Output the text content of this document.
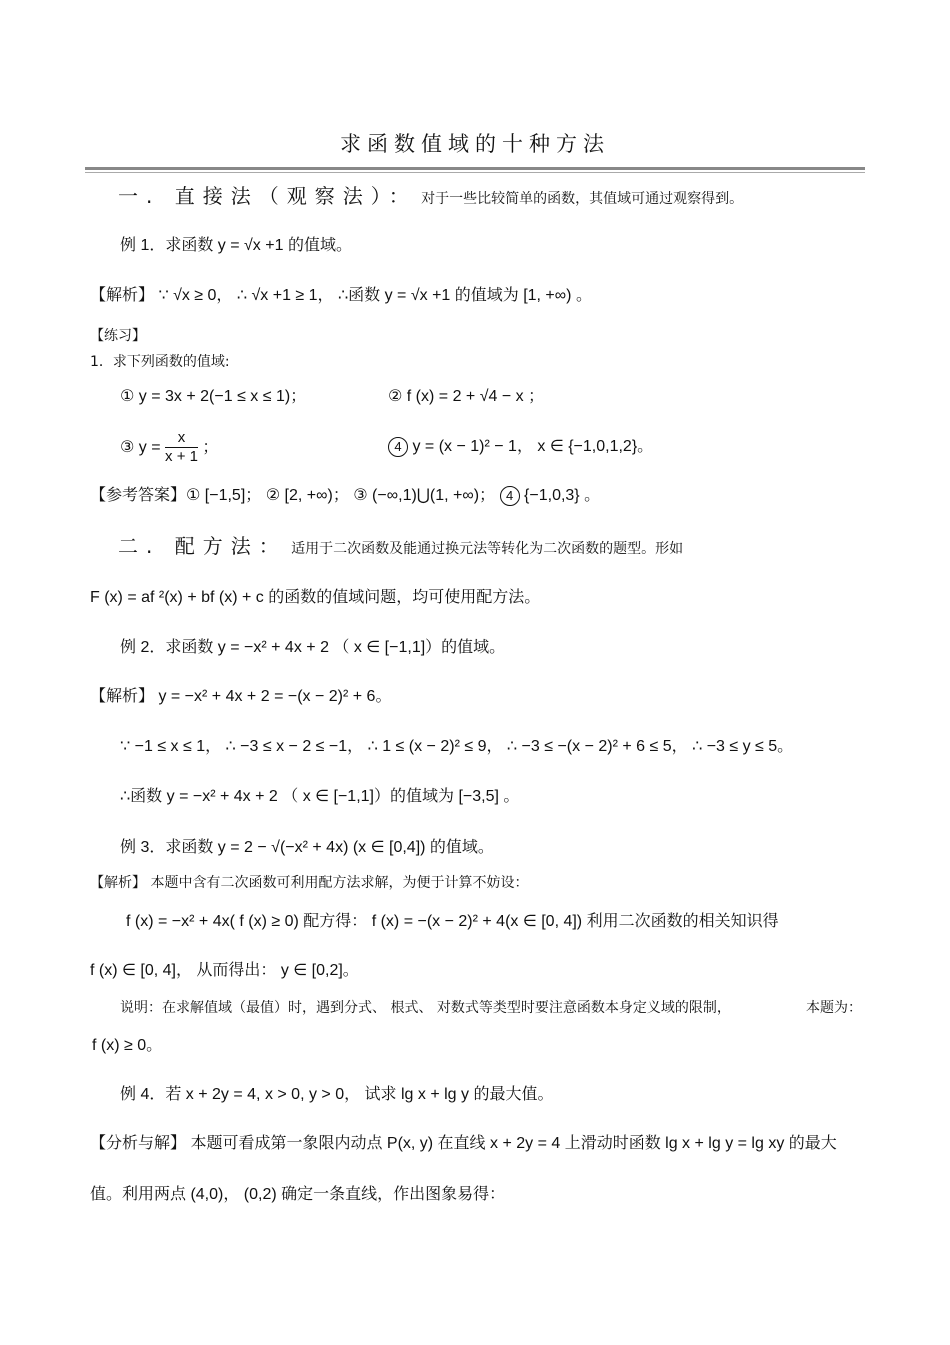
求函数值域的十种方法
一. 直接法（观察法）： 对于一些比较简单的函数，其值域可通过观察得到。
例 1．求函数 y = √x +1 的值域。
【解析】 ∵ √x ≥ 0， ∴ √x +1 ≥ 1， ∴函数 y = √x +1 的值域为 [1, +∞) 。
【练习】
1．求下列函数的值域:
① y = 3x + 2(−1 ≤ x ≤ 1)；	② f (x) = 2 + √4 − x ；
③ $y = \frac{x}{x + 1}$ ；	4 y = (x − 1)² − 1， x ∈ {−1,0,1,2}。
【参考答案】① [−1,5]； ② [2, +∞)； ③ (−∞,1)⋃(1, +∞)； 4 {−1,0,3} 。
二. 配方法： 适用于二次函数及能通过换元法等转化为二次函数的题型。形如
F (x) = af ²(x) + bf (x) + c 的函数的值域问题，均可使用配方法。
例 2．求函数 y = −x² + 4x + 2 （ x ∈ [−1,1]）的值域。
【解析】 y = −x² + 4x + 2 = −(x − 2)² + 6。
∵ −1 ≤ x ≤ 1， ∴ −3 ≤ x − 2 ≤ −1， ∴ 1 ≤ (x − 2)² ≤ 9， ∴ −3 ≤ −(x − 2)² + 6 ≤ 5， ∴ −3 ≤ y ≤ 5。
∴函数 y = −x² + 4x + 2 （ x ∈ [−1,1]）的值域为 [−3,5] 。
例 3．求函数 y = 2 − √(−x² + 4x) (x ∈ [0,4]) 的值域。
【解析】 本题中含有二次函数可利用配方法求解，为便于计算不妨设：
f (x) = −x² + 4x( f (x) ≥ 0) 配方得： f (x) = −(x − 2)² + 4(x ∈ [0, 4]) 利用二次函数的相关知识得
f (x) ∈ [0, 4]， 从而得出： y ∈ [0,2]。
说明：在求解值域（最值）时，遇到分式、 根式、 对数式等类型时要注意函数本身定义域的限制，	本题为：
f (x) ≥ 0。
例 4．若 x + 2y = 4, x > 0, y > 0， 试求 lg x + lg y 的最大值。
【分析与解】 本题可看成第一象限内动点 P(x, y) 在直线 x + 2y = 4 上滑动时函数 lg x + lg y = lg xy 的最大
值。利用两点 (4,0)， (0,2) 确定一条直线，作出图象易得：
